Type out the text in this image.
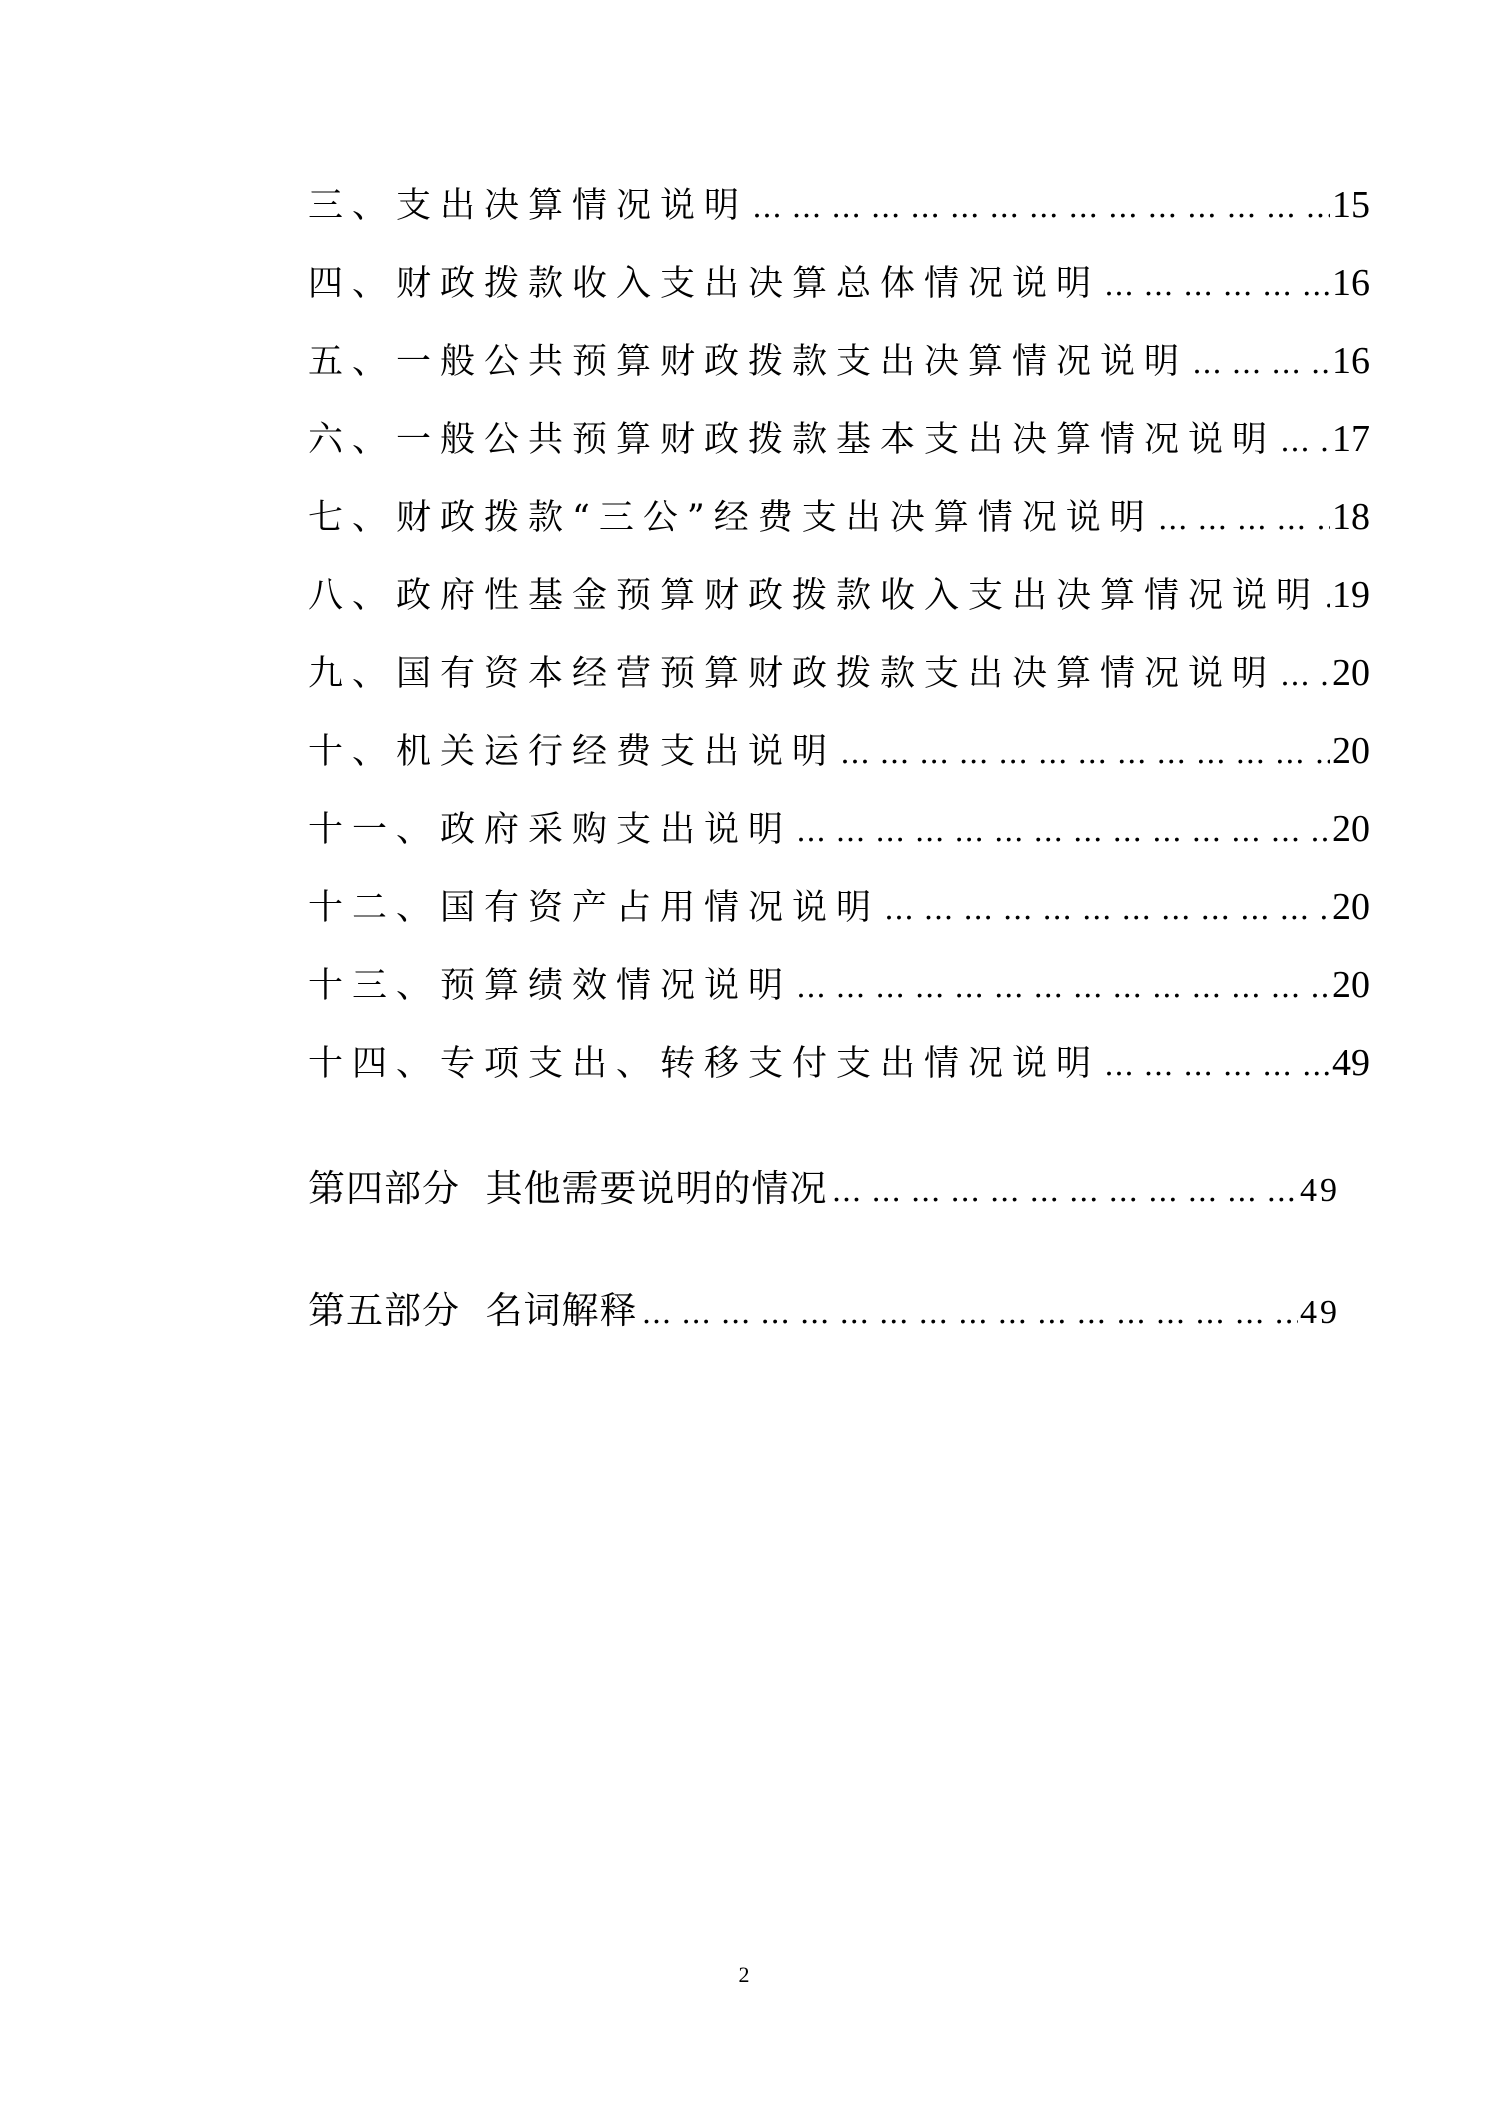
三、支出决算情况说明 … … … … … … … … … … … … … … … … … … … … … … … … … … … … … … … … … … … … … … … … … … … … … … … … … … … … … … … … … … … … … … … … …	15
四、财政拨款收入支出决算总体情况说明 … … … … … … … … … … … … … … … … … … … … … … … … … … … … … … … … … … … … … … … … … … … … … … … … … … … … … … … … … … … … … … … … …	16
五、一般公共预算财政拨款支出决算情况说明 … … … … … … … … … … … … … … … … … … … … … … … … … … … … … … … … … … … … … … … … … … … … … … … … … … … … … … … … … … … … … … … … …	16
六、一般公共预算财政拨款基本支出决算情况说明 … … … … … … … … … … … … … … … … … … … … … … … … … … … … … … … … … … … … … … … … … … … … … … … … … … … … … … … … … … … … … … … … … 17
七、财政拨款“三公”经费支出决算情况说明 … … … … … … … … … … … … … … … … … … … … … … … … … … … … … … … … … … … … … … … … … … … … … … … … … … … … … … … … … … … … … … … … …	18
八、政府性基金预算财政拨款收入支出决算情况说明 … … … … … … … … … … … … … … … … … … … … … … … … … … … … … … … … … … … … … … … … … … … … … … … … … … … … … … … … … … … … … … … … … 19
九、国有资本经营预算财政拨款支出决算情况说明 … … … … … … … … … … … … … … … … … … … … … … … … … … … … … … … … … … … … … … … … … … … … … … … … … … … … … … … … … … … … … … … … … 20
十、机关运行经费支出说明 … … … … … … … … … … … … … … … … … … … … … … … … … … … … … … … … … … … … … … … … … … … … … … … … … … … … … … … … … … … … … … … … …	20
十一、政府采购支出说明 … … … … … … … … … … … … … … … … … … … … … … … … … … … … … … … … … … … … … … … … … … … … … … … … … … … … … … … … … … … … … … … … …	20
十二、国有资产占用情况说明 … … … … … … … … … … … … … … … … … … … … … … … … … … … … … … … … … … … … … … … … … … … … … … … … … … … … … … … … … … … … … … … … …	20
十三、预算绩效情况说明 … … … … … … … … … … … … … … … … … … … … … … … … … … … … … … … … … … … … … … … … … … … … … … … … … … … … … … … … … … … … … … … … …	20
十四、专项支出、转移支付支出情况说明 … … … … … … … … … … … … … … … … … … … … … … … … … … … … … … … … … … … … … … … … … … … … … … … … … … … … … … … … … … … … … … … … …	49
第四部分  其他需要说明的情况 … … … … … … … … … … … … … … … … … … … … … … … … … … … … … … … … … … … … … … … … … … … … … … … … … … … … … … … … … … … … … … … … …	49
第五部分  名词解释 … … … … … … … … … … … … … … … … … … … … … … … … … … … … … … … … … … … … … … … … … … … … … … … … … … … … … … … … … … … … … … … … …	49
2
